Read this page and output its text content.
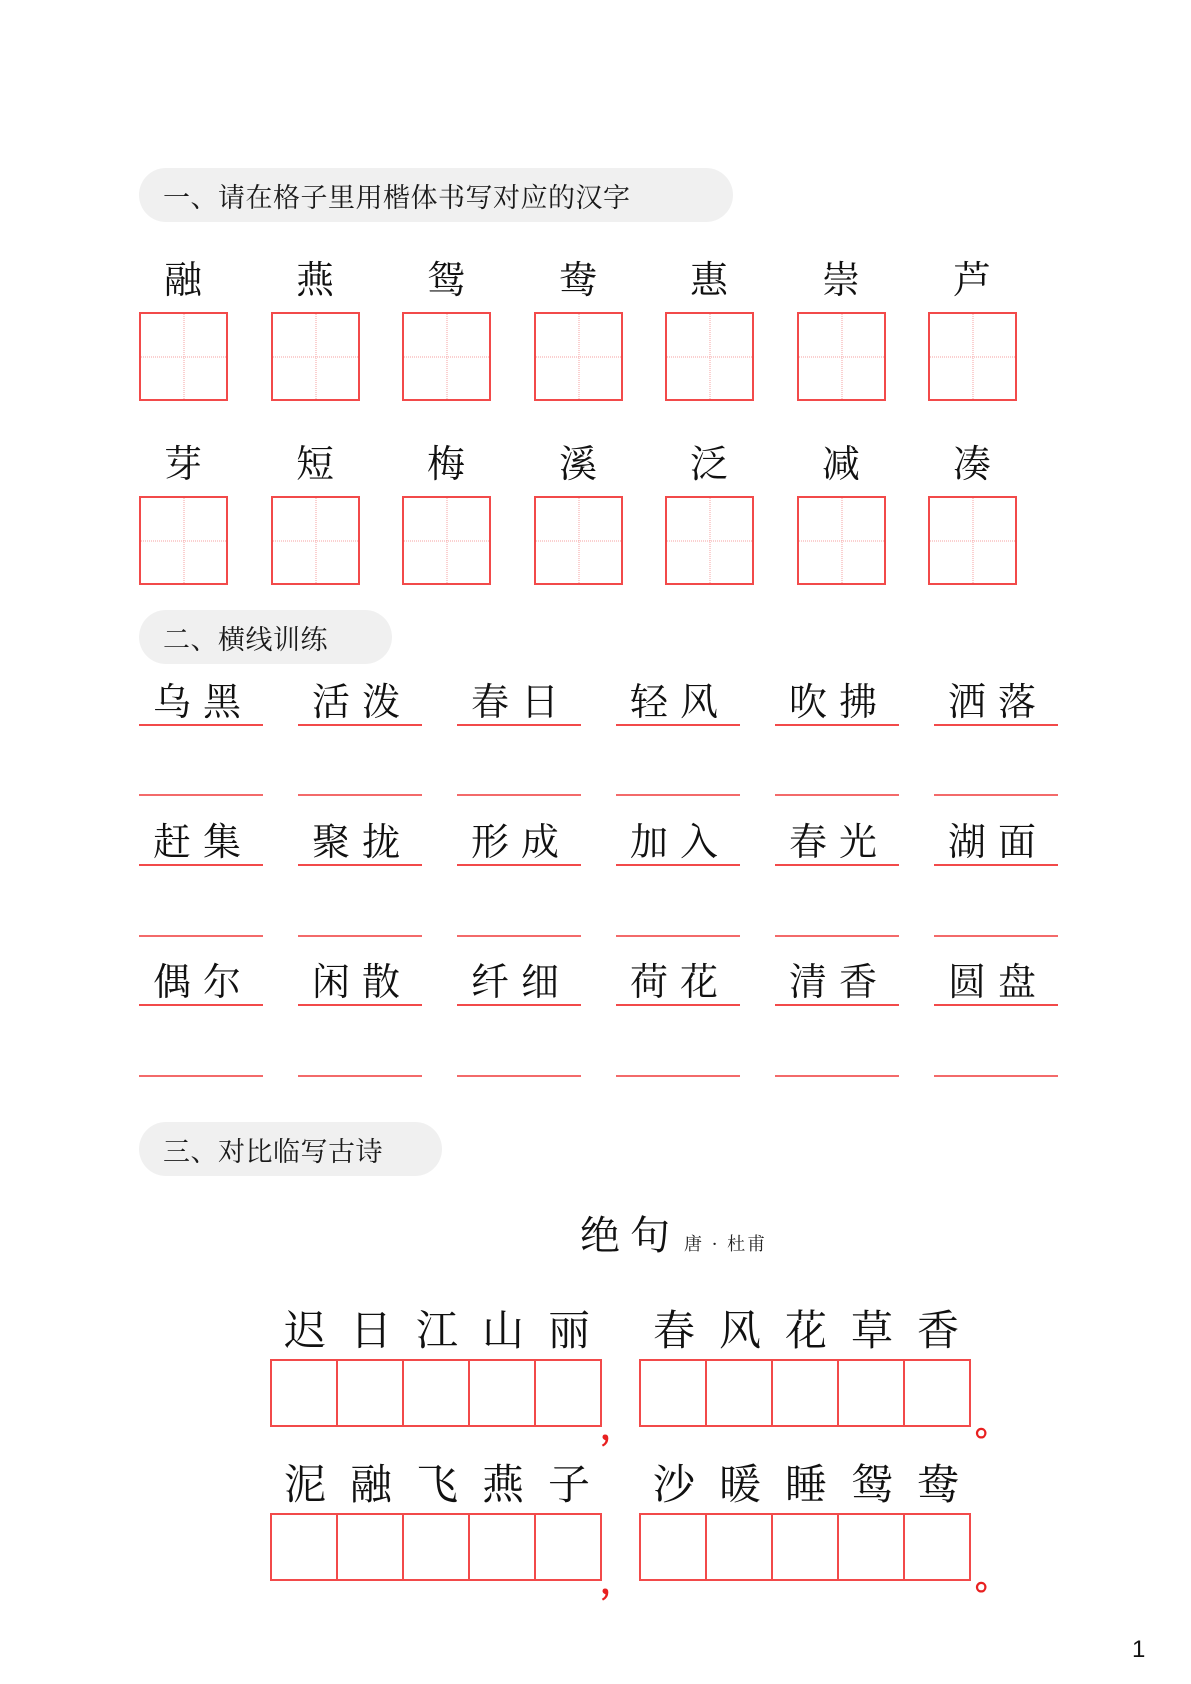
一、请在格子里用楷体书写对应的汉字
融	燕	鸳	鸯	惠	崇	芦
芽	短	梅	溪	泛	减	凑
二、横线训练
乌黑 活泼 春日 轻风 吹拂 洒落
赶集 聚拢 形成 加入 春光 湖面
偶尔 闲散 纤细 荷花 清香 圆盘
三、对比临写古诗
绝句 唐 · 杜甫
迟 日 江 山 丽 春 风 花 草 香
，	。
泥 融 飞 燕 子 沙 暖 睡 鸳 鸯
，	。
1
